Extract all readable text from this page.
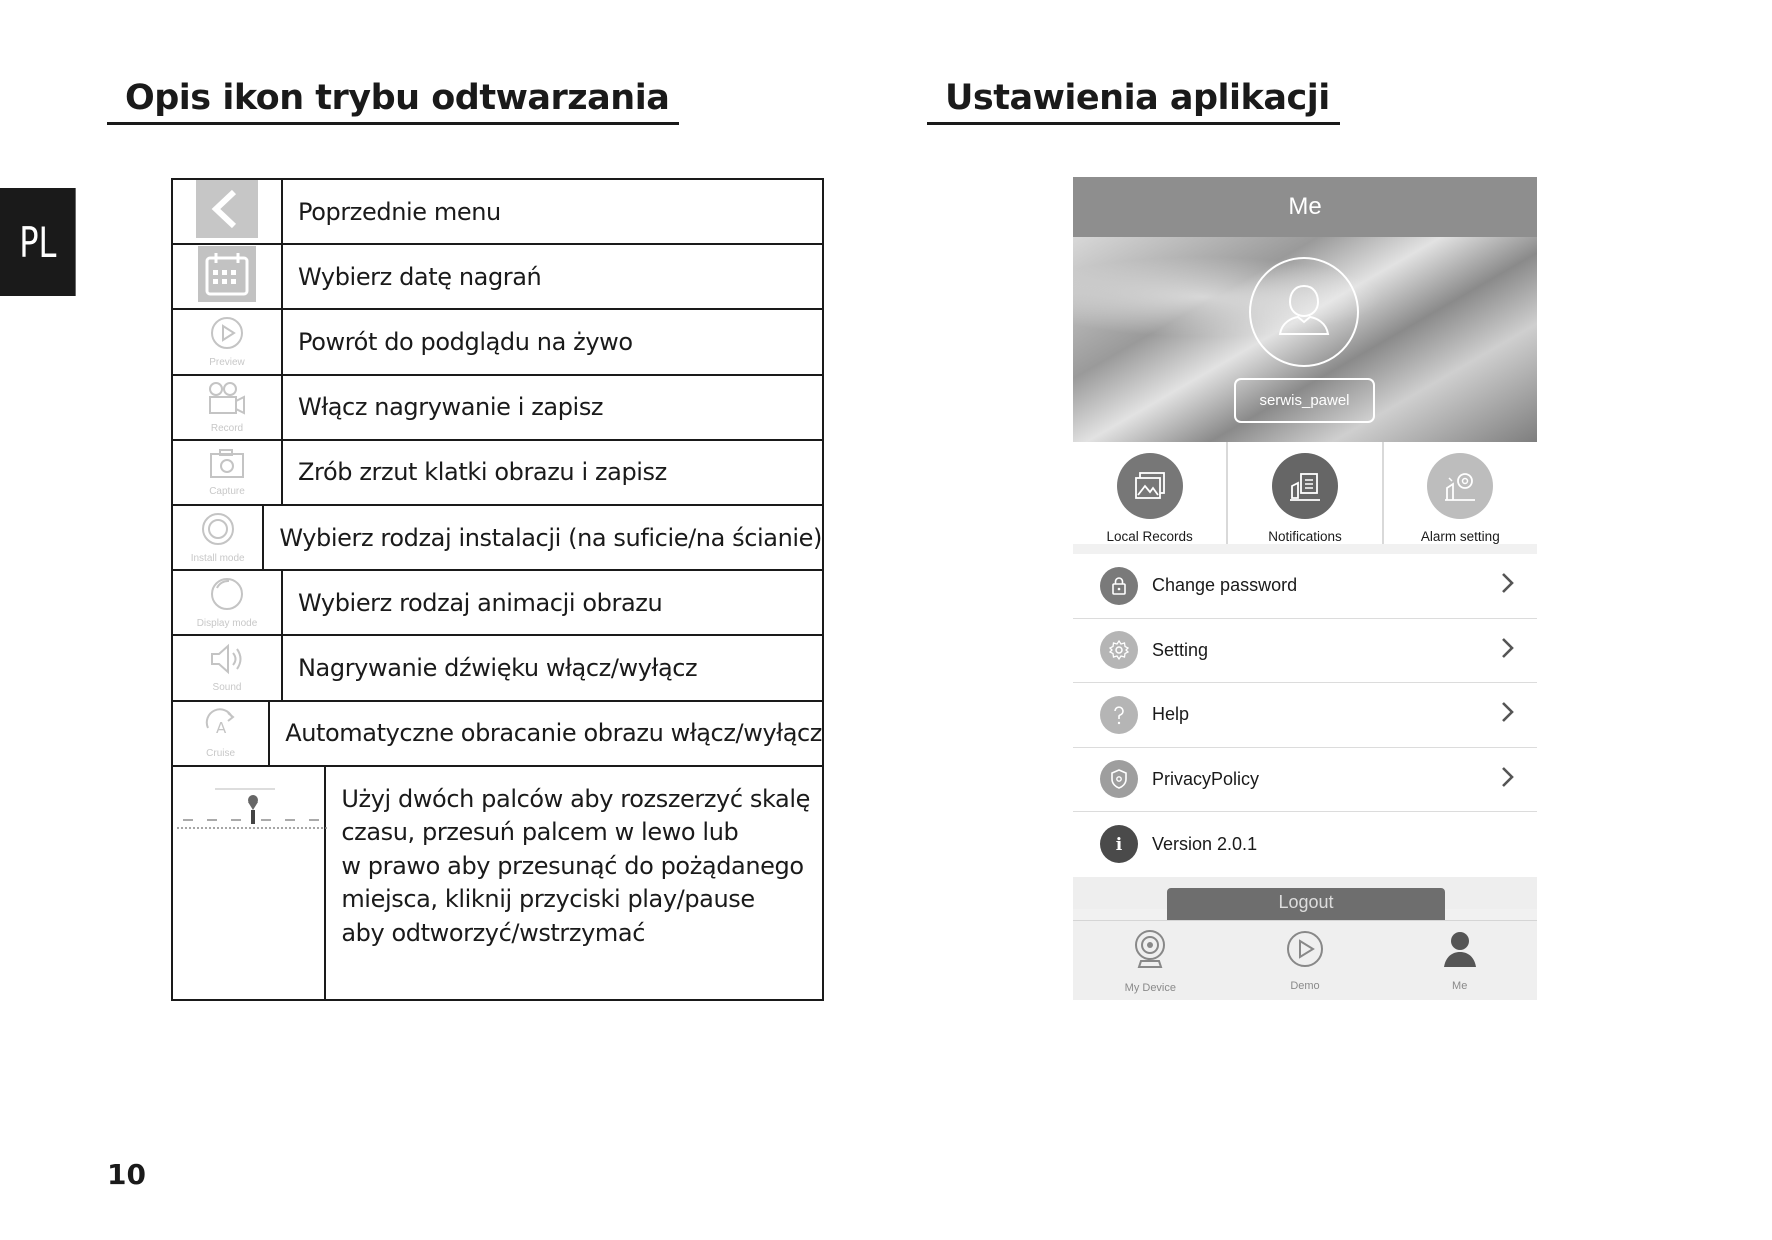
Opis ikon trybu odtwarzania	Ustawienia aplikacji
PL
10
Poprzednie menu
Wybierz datę nagrań
Preview
Powrót do podglądu na żywo
Record
Włącz nagrywanie i zapisz
Capture
Zrób zrzut klatki obrazu i zapisz
Install mode
Wybierz rodzaj instalacji (na suficie/na ścianie)
Display mode
Wybierz rodzaj animacji obrazu
Sound
Nagrywanie dźwięku włącz/wyłącz
A
Cruise
Automatyczne obracanie obrazu włącz/wyłącz
Użyj dwóch palców aby rozszerzyć skalę
czasu, przesuń palcem w lewo lub
w prawo aby przesunąć do pożądanego
miejsca, kliknij przyciski play/pause
aby odtworzyć/wstrzymać
Me
serwis_pawel
Local Records	Notifications	Alarm setting
Change password
Setting
Help
PrivacyPolicy
i Version 2.0.1
Logout
My Device	Demo	Me
